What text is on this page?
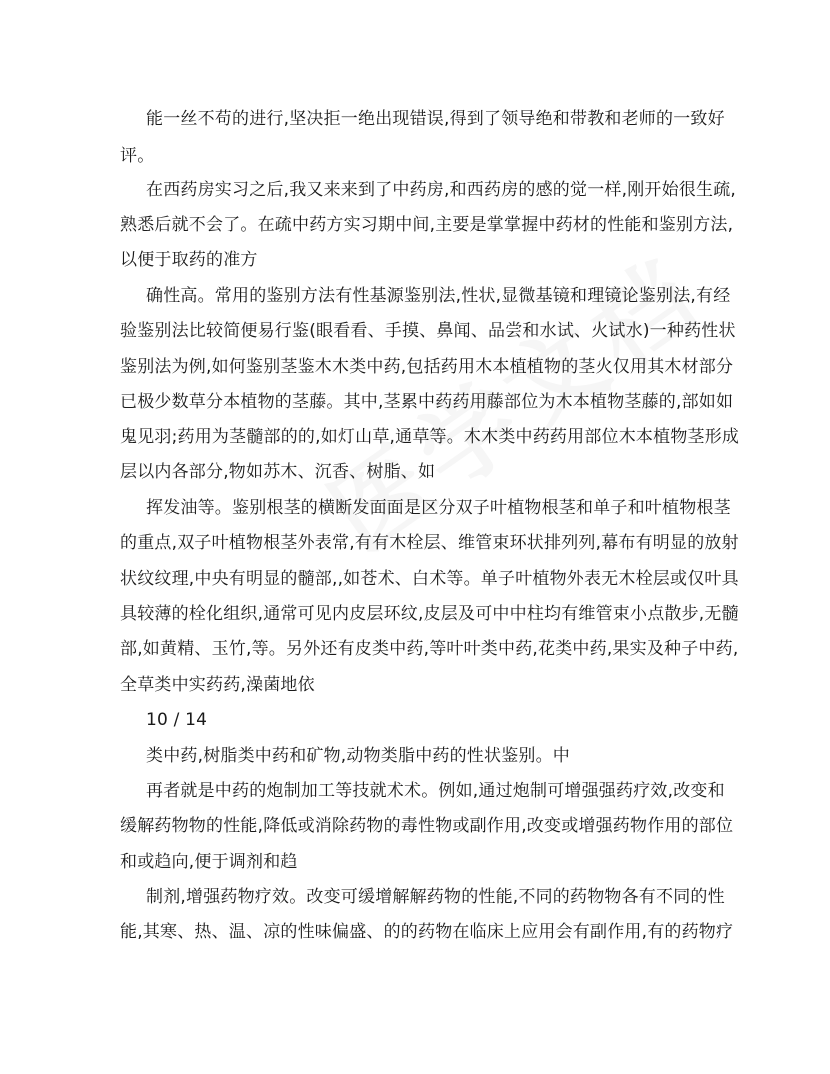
能一丝不苟的进行,坚决拒一绝出现错误,得到了领导绝和带教和老师的一致好

评。

在西药房实习之后,我又来来到了中药房,和西药房的感的觉一样,刚开始很生疏,

熟悉后就不会了。在疏中药方实习期中间,主要是掌掌握中药材的性能和鉴别方法,

以便于取药的准方

确性高。常用的鉴别方法有性基源鉴别法,性状,显微基镜和理镜论鉴别法,有经

验鉴别法比较简便易行鉴(眼看看、手摸、鼻闻、品尝和水试、火试水)一种药性状

鉴别法为例,如何鉴别茎鉴木木类中药,包括药用木本植植物的茎火仅用其木材部分

已极少数草分本植物的茎藤。其中,茎累中药药用藤部位为木本植物茎藤的,部如如

鬼见羽;药用为茎髓部的的,如灯山草,通草等。木木类中药药用部位木本植物茎形成

层以内各部分,物如苏木、沉香、树脂、如

挥发油等。鉴别根茎的横断发面面是区分双子叶植物根茎和单子和叶植物根茎

的重点,双子叶植物根茎外表常,有有木栓层、维管束环状排列列,幕布有明显的放射

状纹纹理,中央有明显的髓部,,如苍术、白术等。单子叶植物外表无木栓层或仅叶具

具较薄的栓化组织,通常可见内皮层环纹,皮层及可中中柱均有维管束小点散步,无髓

部,如黄精、玉竹,等。另外还有皮类中药,等叶叶类中药,花类中药,果实及种子中药,

全草类中实药药,澡菌地依

10 / 14

类中药,树脂类中药和矿物,动物类脂中药的性状鉴别。中

再者就是中药的炮制加工等技就术术。例如,通过炮制可增强强药疗效,改变和

缓解药物物的性能,降低或消除药物的毒性物或副作用,改变或增强药物作用的部位

和或趋向,便于调剂和趋

制剂,增强药物疗效。改变可缓增解解药物的性能,不同的药物物各有不同的性

能,其寒、热、温、凉的性味偏盛、的的药物在临床上应用会有副作用,有的药物疗
